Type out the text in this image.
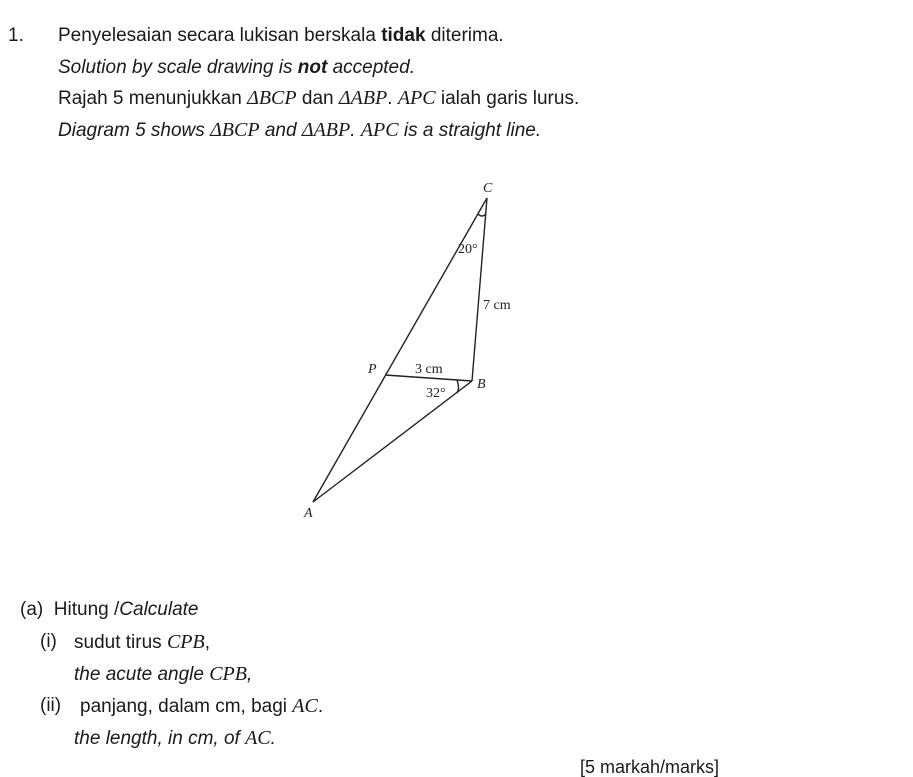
1. Penyelesaian secara lukisan berskala tidak diterima.
Solution by scale drawing is not accepted.
Rajah 5 menunjukkan ΔBCP dan ΔABP. APC ialah garis lurus.
Diagram 5 shows ΔBCP and ΔABP. APC is a straight line.
C
20°
7 cm
P	3 cm
32°
B
A
(a) Hitung /Calculate
(i) sudut tirus CPB,
the acute angle CPB,
(ii) panjang, dalam cm, bagi AC.
the length, in cm, of AC.
[5 markah/marks]
